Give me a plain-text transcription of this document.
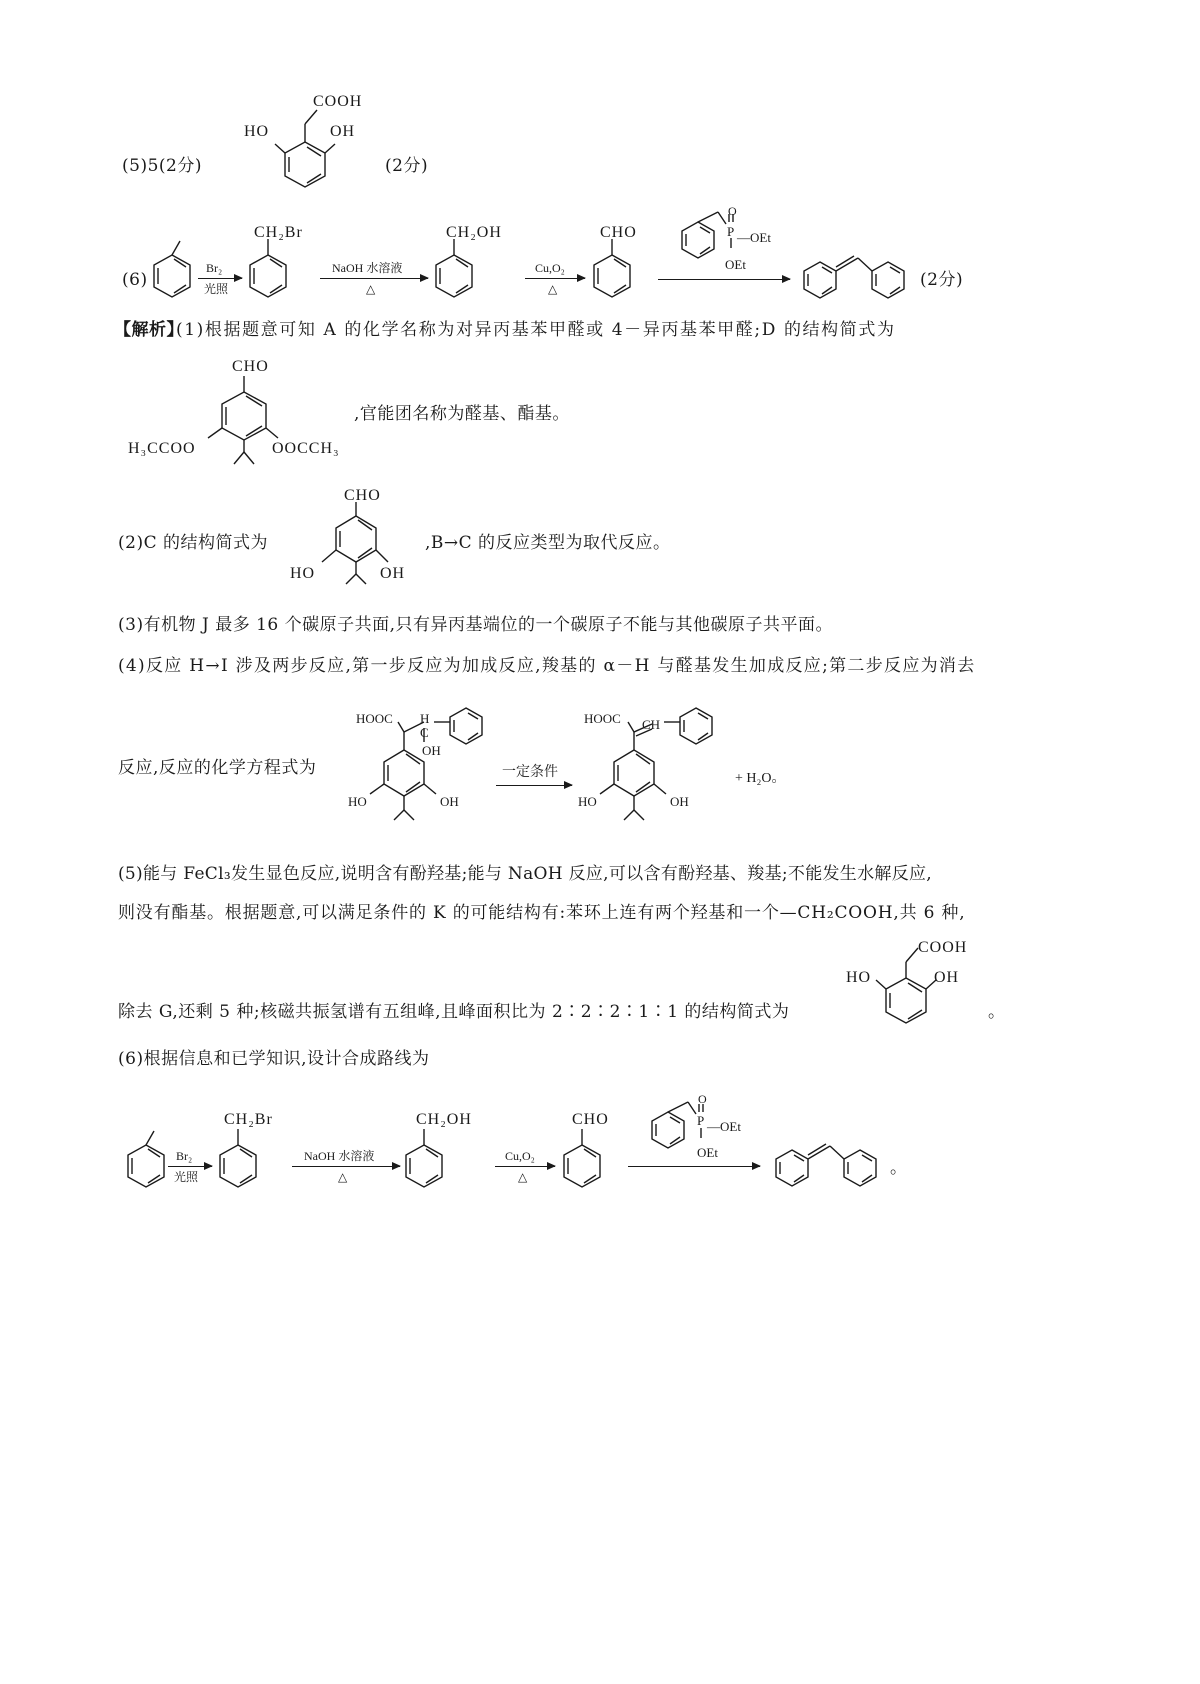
(5)5(2分)
COOH
HO	OH
(2分)
(6)
Br₂
光照
CH₂Br
NaOH 水溶液
△
CH₂OH
Cu,O₂
△
CHO
O
P —OEt
OEt
(2分)
【解析】
(1)根据题意可知 A 的化学名称为对异丙基苯甲醛或 4－异丙基苯甲醛;D 的结构简式为
CHO
H₃CCOO	OOCCH₃
,官能团名称为醛基、酯基。
(2)C 的结构简式为
CHO
HO	OH
,B→C 的反应类型为取代反应。
(3)有机物 J 最多 16 个碳原子共面,只有异丙基端位的一个碳原子不能与其他碳原子共平面。
(4)反应 H→I 涉及两步反应,第一步反应为加成反应,羧基的 α－H 与醛基发生加成反应;第二步反应为消去
反应,反应的化学方程式为
HOOC H
C
OH
HO	OH
一定条件
HOOC CH
HO	OH
+ H₂O。
(5)能与 FeCl₃发生显色反应,说明含有酚羟基;能与 NaOH 反应,可以含有酚羟基、羧基;不能发生水解反应,
则没有酯基。根据题意,可以满足条件的 K 的可能结构有:苯环上连有两个羟基和一个—CH₂COOH,共 6 种,
除去 G,还剩 5 种;核磁共振氢谱有五组峰,且峰面积比为 2∶2∶2∶1∶1 的结构简式为
COOH
HO	OH
。
(6)根据信息和已学知识,设计合成路线为
Br₂
光照
CH₂Br
NaOH 水溶液
△
CH₂OH
Cu,O₂
△
CHO
O
P —OEt
OEt
。
